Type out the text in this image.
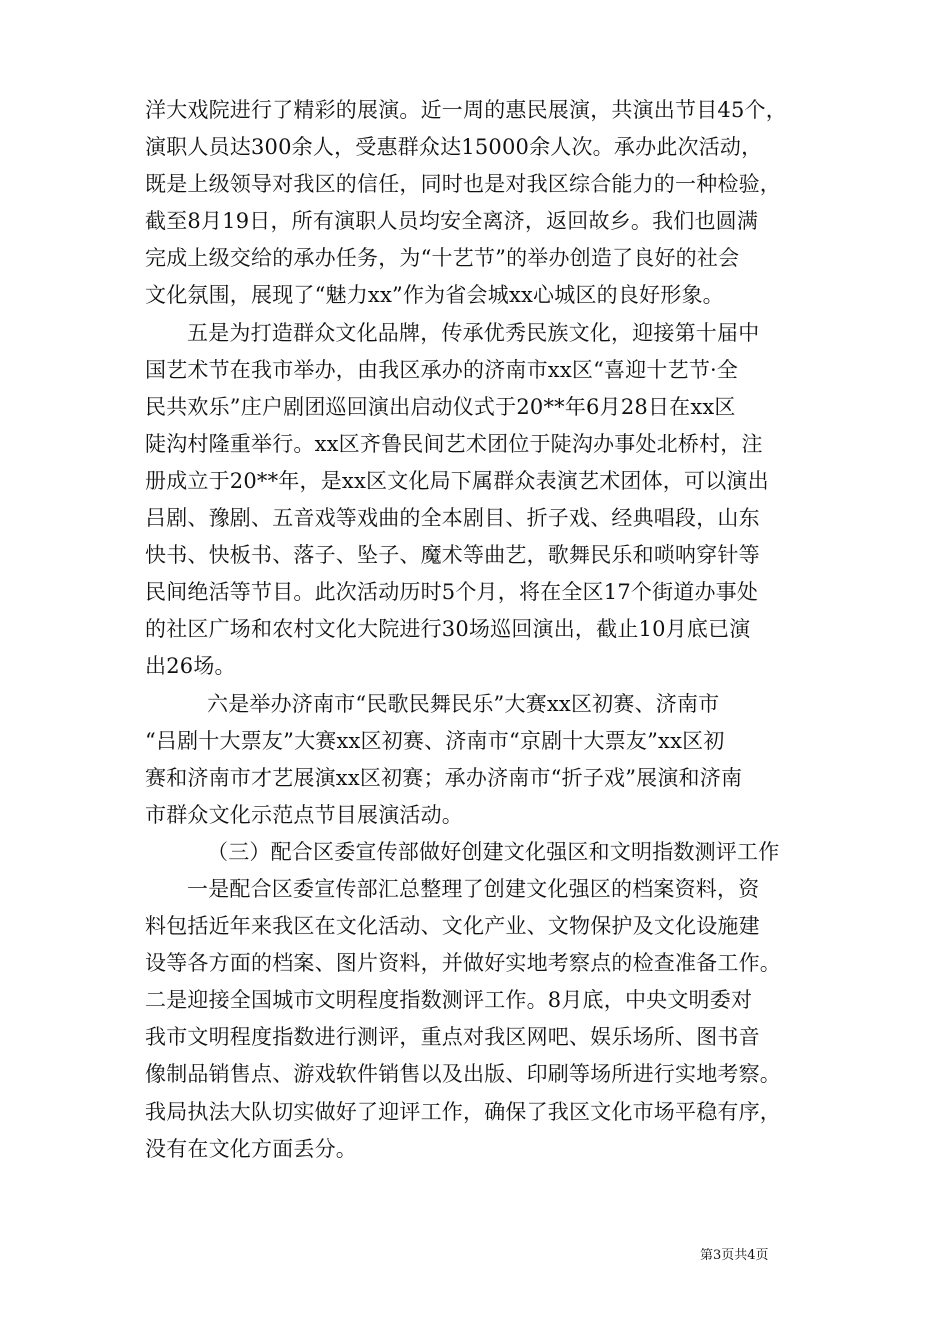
洋大戏院进行了精彩的展演。近一周的惠民展演，共演出节目45个，
演职人员达300余人，受惠群众达15000余人次。承办此次活动，
既是上级领导对我区的信任，同时也是对我区综合能力的一种检验，
截至8月19日，所有演职人员均安全离济，返回故乡。我们也圆满
完成上级交给的承办任务，为“十艺节”的举办创造了良好的社会
文化氛围，展现了“魅力xx”作为省会城xx心城区的良好形象。
五是为打造群众文化品牌，传承优秀民族文化，迎接第十届中
国艺术节在我市举办，由我区承办的济南市xx区“喜迎十艺节·全
民共欢乐”庄户剧团巡回演出启动仪式于20**年6月28日在xx区
陡沟村隆重举行。xx区齐鲁民间艺术团位于陡沟办事处北桥村，注
册成立于20**年，是xx区文化局下属群众表演艺术团体，可以演出
吕剧、豫剧、五音戏等戏曲的全本剧目、折子戏、经典唱段，山东
快书、快板书、落子、坠子、魔术等曲艺，歌舞民乐和唢呐穿针等
民间绝活等节目。此次活动历时5个月，将在全区17个街道办事处
的社区广场和农村文化大院进行30场巡回演出，截止10月底已演
出26场。
六是举办济南市“民歌民舞民乐”大赛xx区初赛、济南市
“吕剧十大票友”大赛xx区初赛、济南市“京剧十大票友”xx区初
赛和济南市才艺展演xx区初赛；承办济南市“折子戏”展演和济南
市群众文化示范点节目展演活动。
（三）配合区委宣传部做好创建文化强区和文明指数测评工作
一是配合区委宣传部汇总整理了创建文化强区的档案资料，资
料包括近年来我区在文化活动、文化产业、文物保护及文化设施建
设等各方面的档案、图片资料，并做好实地考察点的检查准备工作。
二是迎接全国城市文明程度指数测评工作。8月底，中央文明委对
我市文明程度指数进行测评，重点对我区网吧、娱乐场所、图书音
像制品销售点、游戏软件销售以及出版、印刷等场所进行实地考察。
我局执法大队切实做好了迎评工作，确保了我区文化市场平稳有序，
没有在文化方面丢分。
第3页共4页
